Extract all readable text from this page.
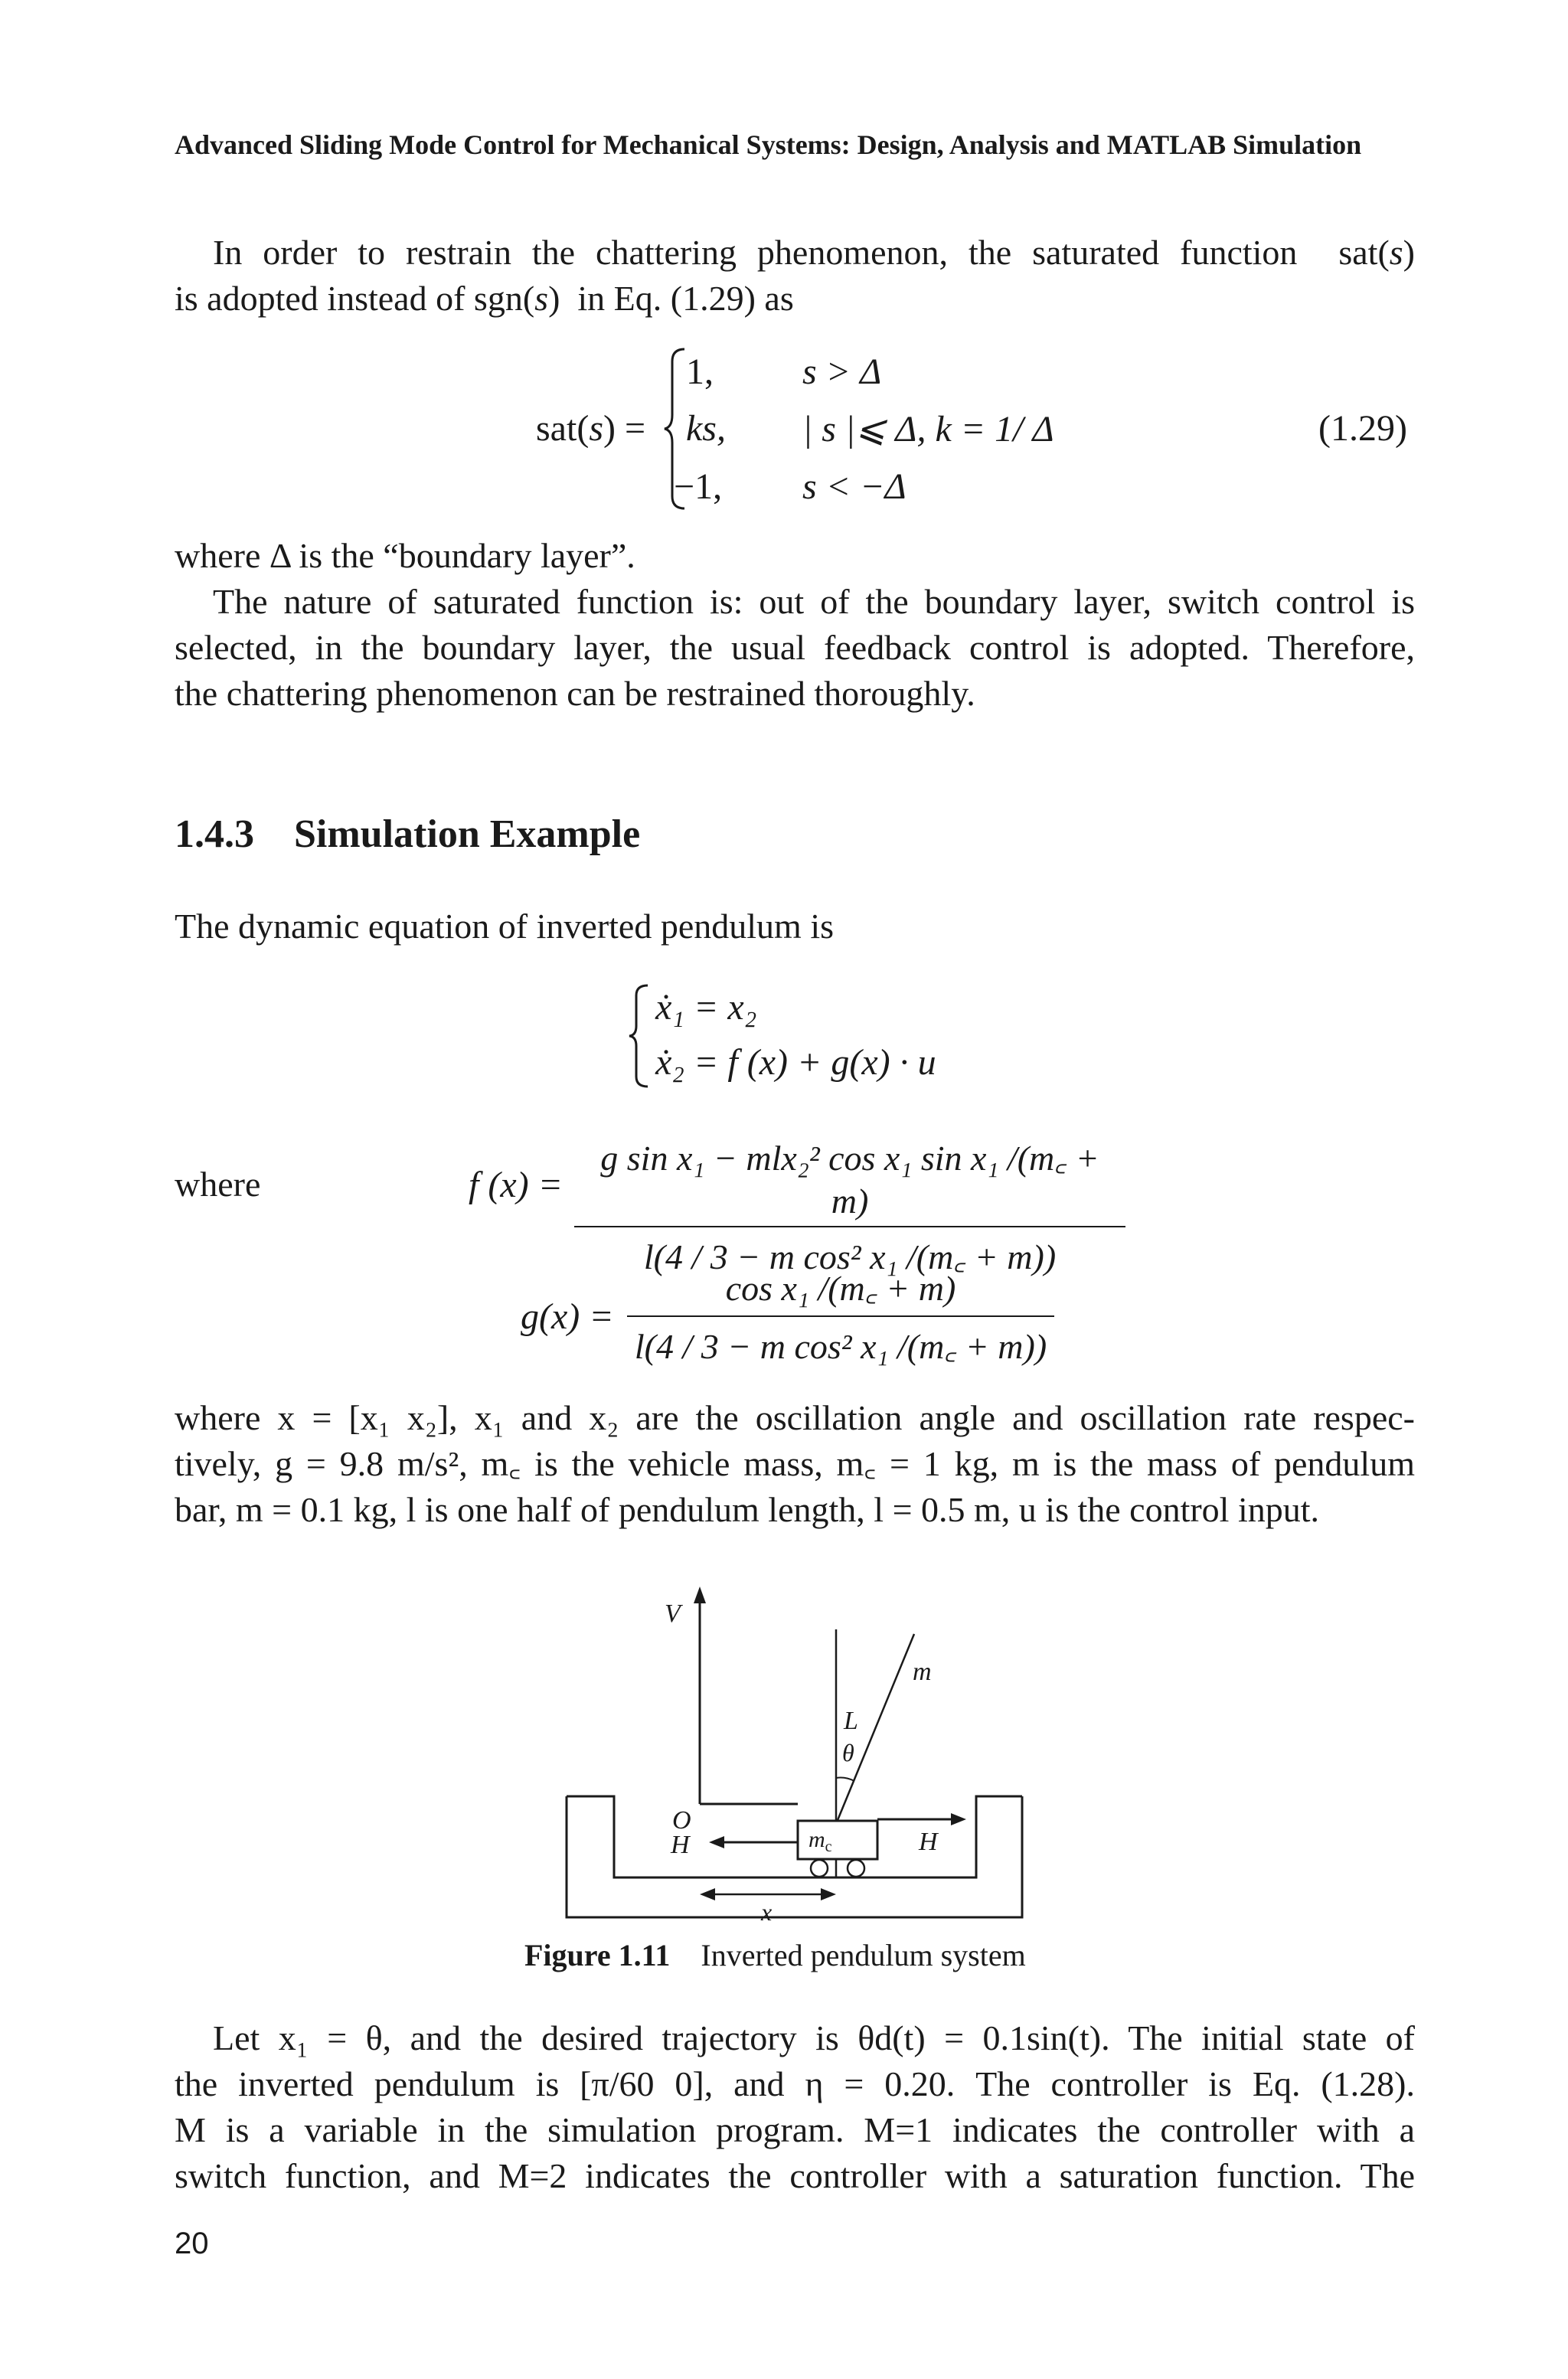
Advanced Sliding Mode Control for Mechanical Systems: Design, Analysis and MATLAB Simulation
In order to restrain the chattering phenomenon, the saturated function  sat(s)
is adopted instead of sgn(s)  in Eq. (1.29) as
sat(s) =
1, s > Δ
ks, | s |⩽ Δ, k = 1/ Δ
−1, s < −Δ
(1.29)
where Δ is the “boundary layer”.
The nature of saturated function is: out of the boundary layer, switch control is
selected, in the boundary layer, the usual feedback control is adopted. Therefore,
the chattering phenomenon can be restrained thoroughly.
1.4.3 Simulation Example
The dynamic equation of inverted pendulum is
ẋ₁ = x₂
ẋ₂ = f (x) + g(x) · u
where	f $(x) = \frac{\text{g sin x₁ − mlx₂² cos x₁ sin x₁ /(m꜀ + m)}}{\text{l(4 / 3 − m cos² x₁ /(m꜀ + m))}}$
$g(x) = \frac{\text{cos x₁ /(m꜀ + m)}}{\text{l(4 / 3 − m cos² x₁ /(m꜀ + m))}}$
where x = [x₁ x₂], x₁ and x₂ are the oscillation angle and oscillation rate respec-
tively, g = 9.8 m/s², m꜀ is the vehicle mass, m꜀ = 1 kg, m is the mass of pendulum
bar, m = 0.1 kg, l is one half of pendulum length, l = 0.5 m, u is the control input.
V
m
L
θ
O
H	$m_c$	H
x
Figure 1.11 Inverted pendulum system
Let x₁ = θ, and the desired trajectory is θd(t) = 0.1sin(t). The initial state of
the inverted pendulum is [π/60 0], and η = 0.20. The controller is Eq. (1.28).
M is a variable in the simulation program. M=1 indicates the controller with a
switch function, and M=2 indicates the controller with a saturation function. The
20
